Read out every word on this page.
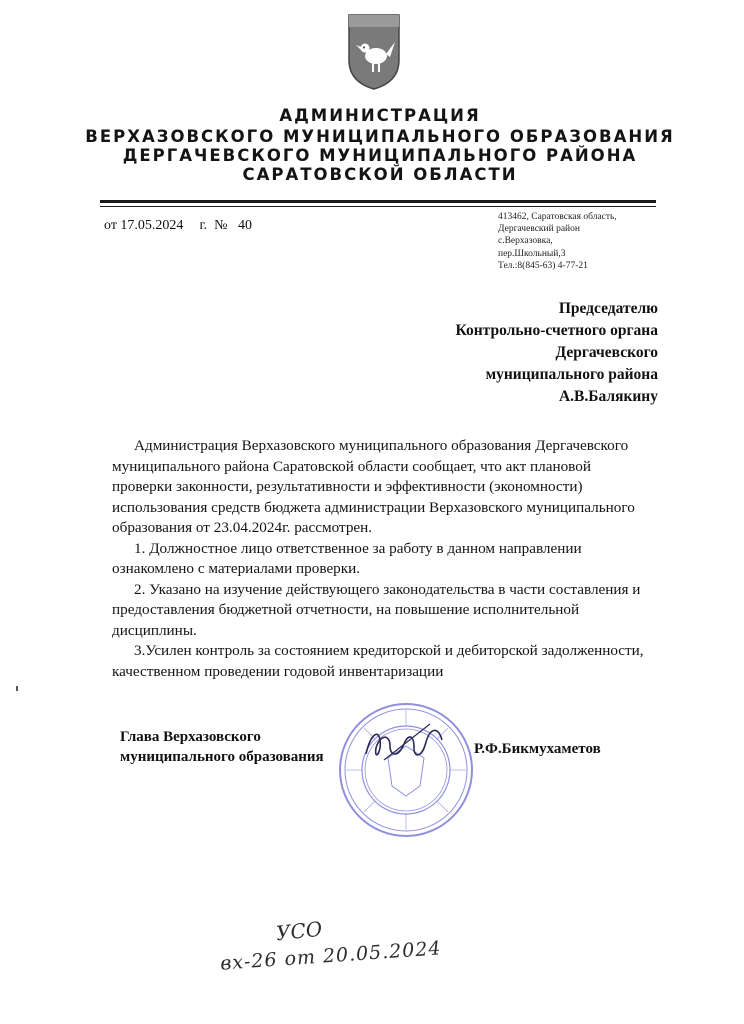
АДМИНИСТРАЦИЯ
ВЕРХАЗОВСКОГО МУНИЦИПАЛЬНОГО ОБРАЗОВАНИЯ
ДЕРГАЧЕВСКОГО МУНИЦИПАЛЬНОГО РАЙОНА
САРАТОВСКОЙ ОБЛАСТИ
от 17.05.2024 г. № 40
413462, Саратовская область,
Дергачевский район
с.Верхазовка,
пер.Школьный,3
Тел.:8(845-63) 4-77-21
Председателю
Контрольно-счетного органа
Дергачевского
муниципального района
А.В.Балякину

Администрация Верхазовского муниципального образования Дергачевского муниципального района Саратовской области сообщает, что акт плановой проверки законности, результативности и эффективности (экономности) использования средств бюджета администрации Верхазовского муниципального образования от 23.04.2024г. рассмотрен.

1. Должностное лицо ответственное за работу в данном направлении ознакомлено с материалами проверки.

2. Указано на изучение действующего законодательства в части составления и предоставления бюджетной отчетности, на повышение исполнительной дисциплины.

3.Усилен контроль за состоянием кредиторской и дебиторской задолженности, качественном проведении годовой инвентаризации

Глава Верхазовского
муниципального образования	Р.Ф.Бикмухаметов
УСО
вх-26 от 20.05.2024
